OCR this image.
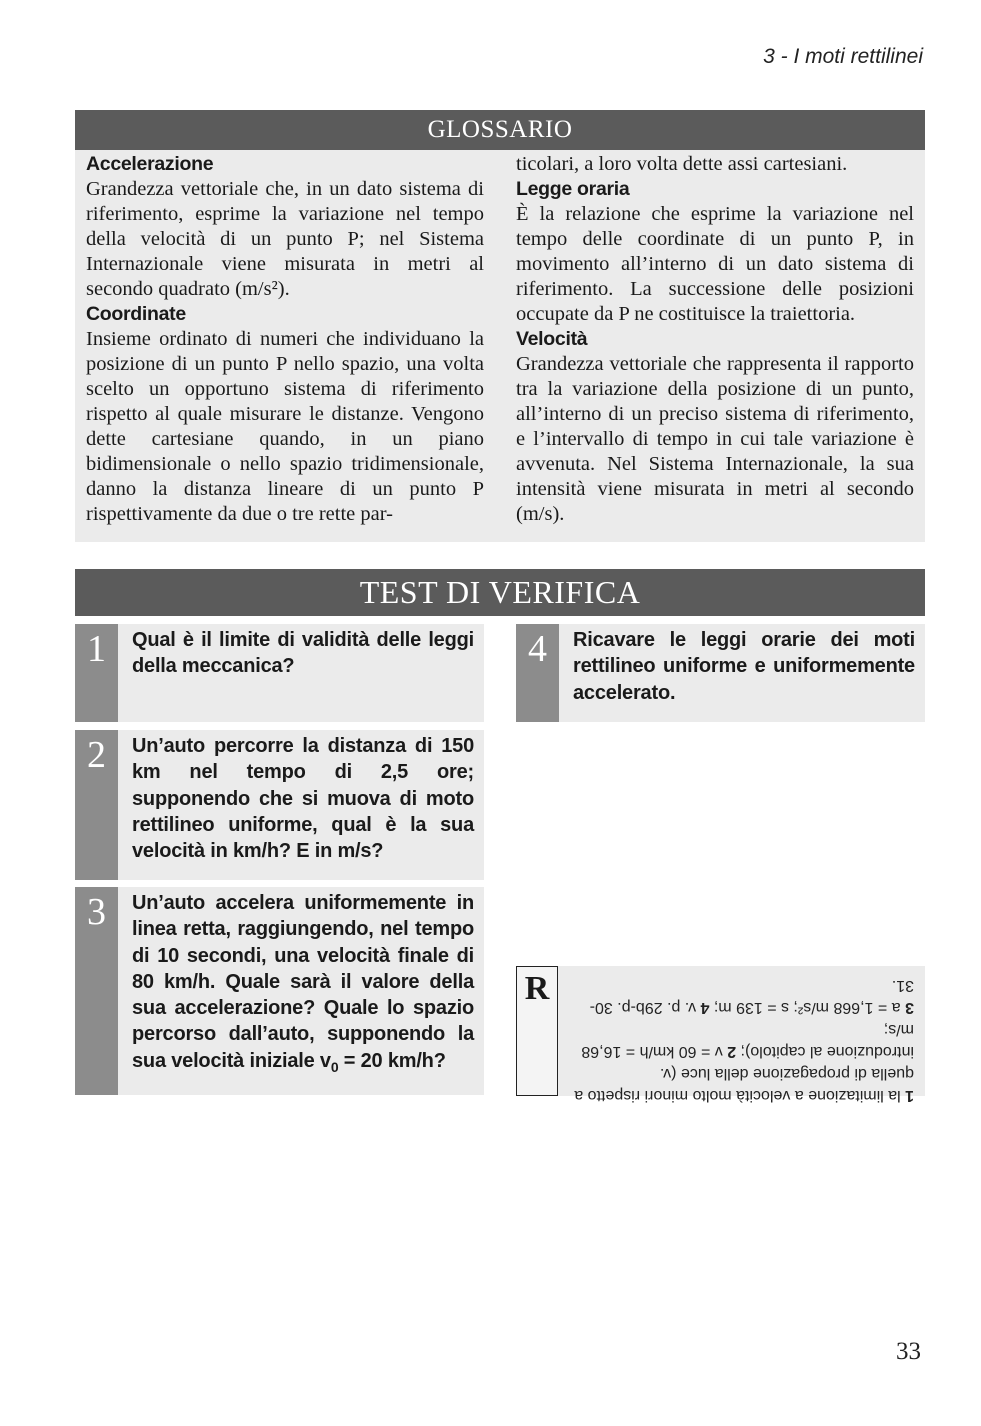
3 - I moti rettilinei
GLOSSARIO
Accelerazione
Grandezza vettoriale che, in un dato sistema di riferimento, esprime la variazione nel tempo della velocità di un punto P; nel Sistema Internazionale viene misurata in metri al secondo quadrato (m/s²).
Coordinate
Insieme ordinato di numeri che individuano la posizione di un punto P nello spazio, una volta scelto un opportuno sistema di riferimento rispetto al quale misurare le distanze. Vengono dette cartesiane quando, in un piano bidimensionale o nello spazio tridimensionale, danno la distanza lineare di un punto P rispettivamente da due o tre rette par-
ticolari, a loro volta dette assi cartesiani.
Legge oraria
È la relazione che esprime la variazione nel tempo delle coordinate di un punto P, in movimento all’interno di un dato sistema di riferimento. La successione delle posizioni occupate da P ne costituisce la traiettoria.
Velocità
Grandezza vettoriale che rappresenta il rapporto tra la variazione della posizione di un punto, all’interno di un preciso sistema di riferimento, e l’intervallo di tempo in cui tale variazione è avvenuta. Nel Sistema Internazionale, la sua intensità viene misurata in metri al secondo (m/s).
TEST DI VERIFICA
1	Qual è il limite di validità delle leggi della meccanica?
2	Un’auto percorre la distanza di 150 km nel tempo di 2,5 ore; supponendo che si muova di moto rettilineo uniforme, qual è la sua velocità in km/h? E in m/s?
3	Un’auto accelera uniformemente in linea retta, raggiungendo, nel tempo di 10 secondi, una velocità finale di 80 km/h. Quale sarà il valore della sua accelerazione? Quale lo spazio percorso dall’auto, supponendo la sua velocità iniziale $v_0 = 20$ km/h?
4	Ricavare le leggi orarie dei moti rettilineo uniforme e uniformemente accelerato.
R

1 la limitazione a velocità molto minori rispetto a quella di propagazione della luce (v. introduzione al capitolo); 2 v = 60 km/h = 16,68 m/s;

3 a = 1,668 m/s²; s = 139 m; 4 v. p. 29b-p. 30-31.

33
